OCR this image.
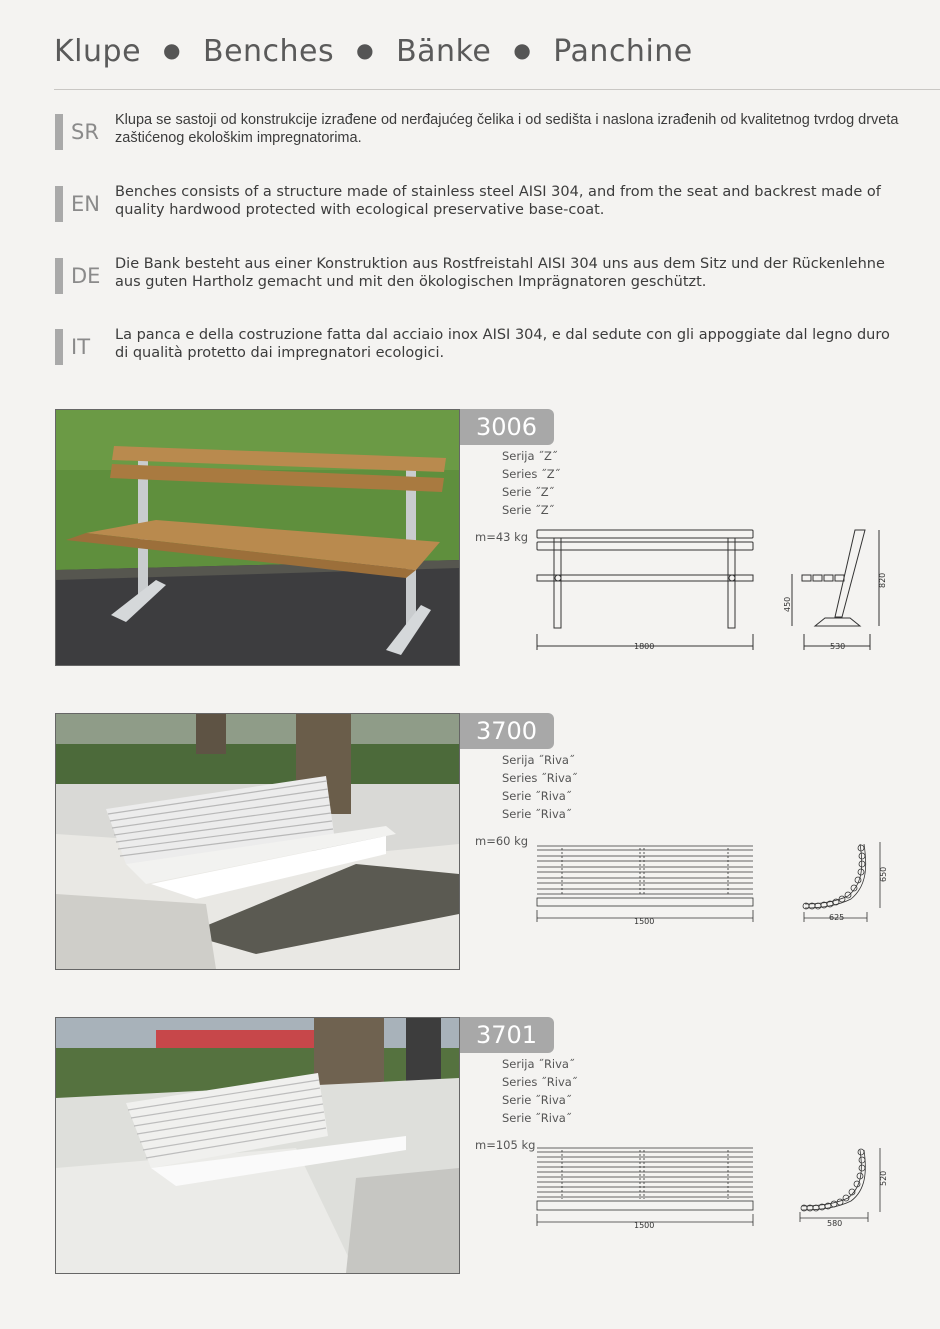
Klupe ● Benches ● Bänke ● Panchine
SR Klupa se sastoji od konstrukcije izrađene od nerđajućeg čelika i od sedišta i naslona izrađenih od kvalitetnog tvrdog drveta zaštićenog ekološkim impregnatorima.
EN Benches consists of a structure made of stainless steel AISI 304, and from the seat and backrest made of quality hardwood protected with ecological preservative base-coat.
DE Die Bank besteht aus einer Konstruktion aus Rostfreistahl AISI 304 uns aus dem Sitz und der Rückenlehne aus guten Hartholz gemacht und mit den ökologischen Imprägnatoren geschützt.
IT La panca e della costruzione fatta dal acciaio inox AISI 304, e dal sedute con gli appoggiate dal legno duro di qualità protetto dai impregnatori ecologici.
3006
Serija ˝Z˝
Series ˝Z˝
Serie ˝Z˝
Serie ˝Z˝
m=43 kg
1800	530
450
820
3700
Serija ˝Riva˝
Series ˝Riva˝
Serie ˝Riva˝
Serie ˝Riva˝
m=60 kg
1500	625
650
3701
Serija ˝Riva˝
Series ˝Riva˝
Serie ˝Riva˝
Serie ˝Riva˝
m=105 kg
1500	580
520
